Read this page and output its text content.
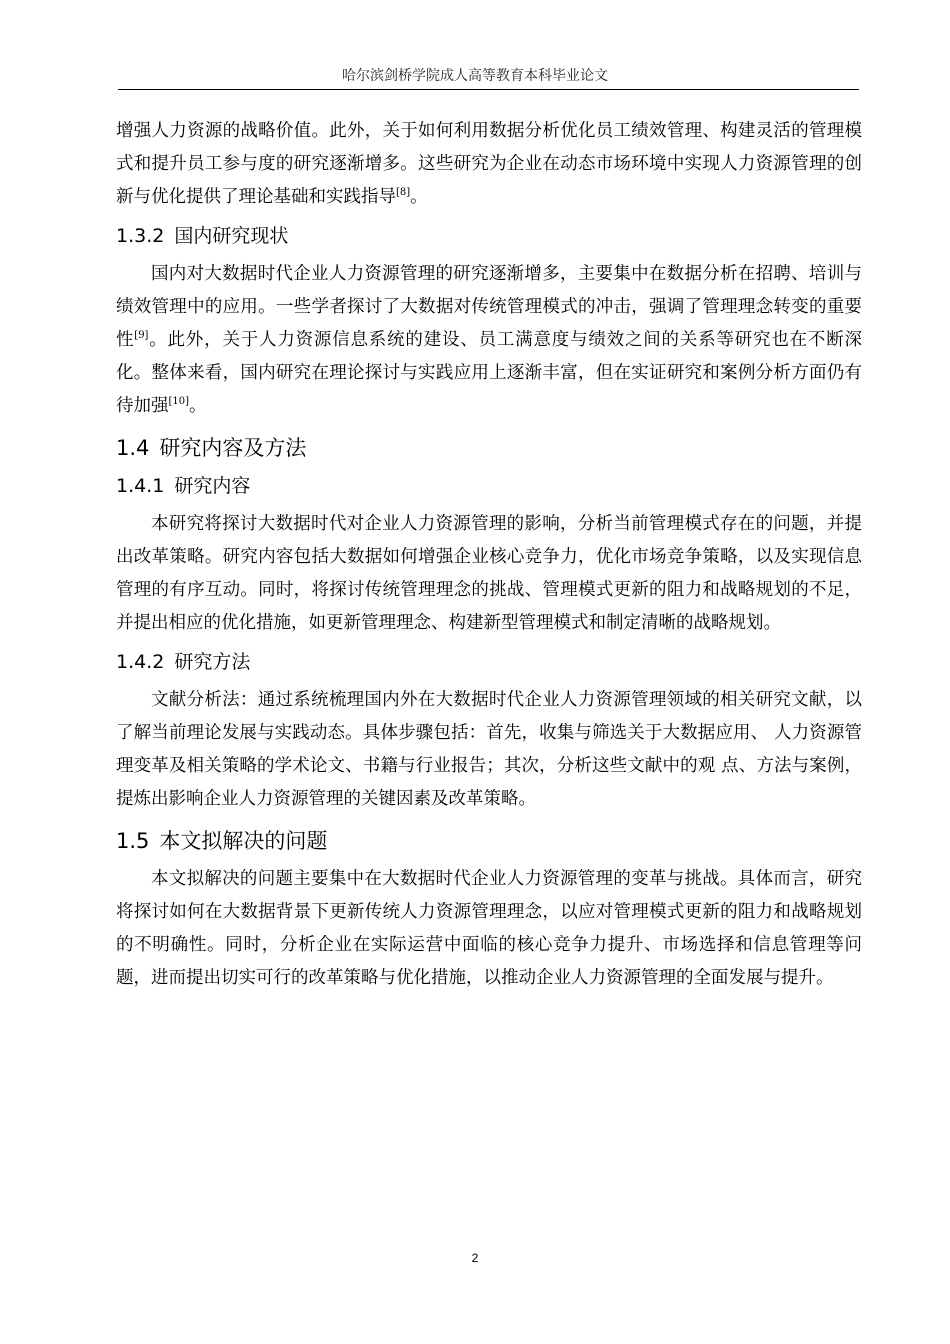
哈尔滨剑桥学院成人高等教育本科毕业论文

增强人力资源的战略价值。此外，关于如何利用数据分析优化员工绩效管理、构建灵活的管理模式和提升员工参与度的研究逐渐增多。这些研究为企业在动态市场环境中实现人力资源管理的创新与优化提供了理论基础和实践指导[8]。

1.3.2 国内研究现状

国内对大数据时代企业人力资源管理的研究逐渐增多，主要集中在数据分析在招聘、培训与绩效管理中的应用。一些学者探讨了大数据对传统管理模式的冲击，强调了管理理念转变的重要性[9]。此外，关于人力资源信息系统的建设、员工满意度与绩效之间的关系等研究也在不断深化。整体来看，国内研究在理论探讨与实践应用上逐渐丰富，但在实证研究和案例分析方面仍有待加强[10]。

1.4 研究内容及方法
1.4.1 研究内容

本研究将探讨大数据时代对企业人力资源管理的影响，分析当前管理模式存在的问题，并提出改革策略。研究内容包括大数据如何增强企业核心竞争力，优化市场竞争策略，以及实现信息管理的有序互动。同时，将探讨传统管理理念的挑战、管理模式更新的阻力和战略规划的不足，并提出相应的优化措施，如更新管理理念、构建新型管理模式和制定清晰的战略规划。

1.4.2 研究方法

文献分析法：通过系统梳理国内外在大数据时代企业人力资源管理领域的相关研究文献，以了解当前理论发展与实践动态。具体步骤包括：首先，收集与筛选关于大数据应用、 人力资源管理变革及相关策略的学术论文、书籍与行业报告；其次，分析这些文献中的观 点、方法与案例，提炼出影响企业人力资源管理的关键因素及改革策略。

1.5 本文拟解决的问题

本文拟解决的问题主要集中在大数据时代企业人力资源管理的变革与挑战。具体而言，研究将探讨如何在大数据背景下更新传统人力资源管理理念，以应对管理模式更新的阻力和战略规划的不明确性。同时，分析企业在实际运营中面临的核心竞争力提升、市场选择和信息管理等问题，进而提出切实可行的改革策略与优化措施，以推动企业人力资源管理的全面发展与提升。

2
